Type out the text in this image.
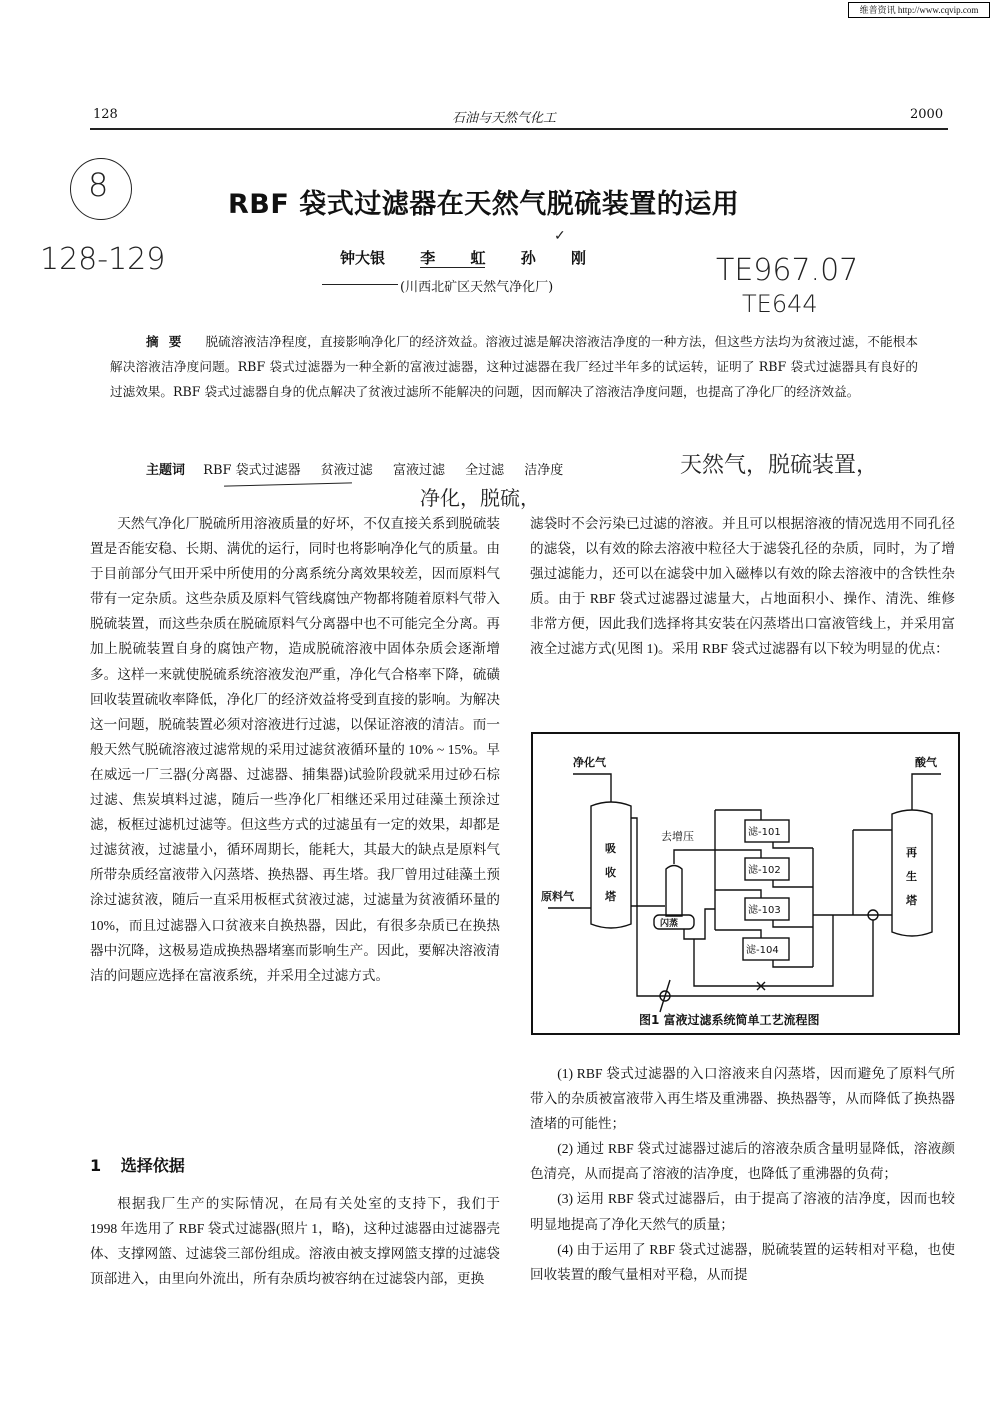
维普资讯 http://www.cqvip.com
128	石油与天然气化工	2000
8
128-129	TE967.07
TE644
✓
RBF 袋式过滤器在天然气脱硫装置的运用
钟大银 李 虹 孙 刚
(川西北矿区天然气净化厂)
摘要 脱硫溶液洁净程度，直接影响净化厂的经济效益。溶液过滤是解决溶液洁净度的一种方法，但这些方法均为贫液过滤，不能根本解决溶液洁净度问题。RBF 袋式过滤器为一种全新的富液过滤器，这种过滤器在我厂经过半年多的试运转，证明了 RBF 袋式过滤器具有良好的过滤效果。RBF 袋式过滤器自身的优点解决了贫液过滤所不能解决的问题，因而解决了溶液洁净度问题，也提高了净化厂的经济效益。
主题词 RBF 袋式过滤器 贫液过滤 富液过滤 全过滤 洁净度	天然气，脱硫装置，
净化，脱硫，

天然气净化厂脱硫所用溶液质量的好坏，不仅直接关系到脱硫装置是否能安稳、长期、满优的运行，同时也将影响净化气的质量。由于目前部分气田开采中所使用的分离系统分离效果较差，因而原料气带有一定杂质。这些杂质及原料气管线腐蚀产物都将随着原料气带入脱硫装置，而这些杂质在脱硫原料气分离器中也不可能完全分离。再加上脱硫装置自身的腐蚀产物，造成脱硫溶液中固体杂质会逐渐增多。这样一来就使脱硫系统溶液发泡严重，净化气合格率下降，硫磺回收装置硫收率降低，净化厂的经济效益将受到直接的影响。为解决这一问题，脱硫装置必须对溶液进行过滤，以保证溶液的清洁。而一般天然气脱硫溶液过滤常规的采用过滤贫液循环量的 10% ~ 15%。早在威远一厂三器(分离器、过滤器、捕集器)试验阶段就采用过砂石棕过滤、焦炭填料过滤，随后一些净化厂相继还采用过硅藻土预涂过滤，板框过滤机过滤等。但这些方式的过滤虽有一定的效果，却都是过滤贫液，过滤量小，循环周期长，能耗大，其最大的缺点是原料气所带杂质经富液带入闪蒸塔、换热器、再生塔。我厂曾用过硅藻土预涂过滤贫液，随后一直采用板框式贫液过滤，过滤量为贫液循环量的 10%，而且过滤器入口贫液来自换热器，因此，有很多杂质已在换热器中沉降，这极易造成换热器堵塞而影响生产。因此，要解决溶液清洁的问题应选择在富液系统，并采用全过滤方式。

1 选择依据

根据我厂生产的实际情况，在局有关处室的支持下，我们于 1998 年选用了 RBF 袋式过滤器(照片 1，略)，这种过滤器由过滤器壳体、支撑网篮、过滤袋三部份组成。溶液由被支撑网篮支撑的过滤袋顶部进入，由里向外流出，所有杂质均被容纳在过滤袋内部，更换

滤袋时不会污染已过滤的溶液。并且可以根据溶液的情况选用不同孔径的滤袋，以有效的除去溶液中粒径大于滤袋孔径的杂质，同时，为了增强过滤能力，还可以在滤袋中加入磁棒以有效的除去溶液中的含铁性杂质。由于 RBF 袋式过滤器过滤量大，占地面积小、操作、清洗、维修非常方便，因此我们选择将其安装在闪蒸塔出口富液管线上，并采用富液全过滤方式(见图 1)。采用 RBF 袋式过滤器有以下较为明显的优点：

净化气	酸气
原料气
吸
收
塔
再
生
塔
去增压
闪蒸
滤-101
滤-102
滤-103
滤-104
图1 富液过滤系统简单工艺流程图

(1) RBF 袋式过滤器的入口溶液来自闪蒸塔，因而避免了原料气所带入的杂质被富液带入再生塔及重沸器、换热器等，从而降低了换热器渣堵的可能性；

(2) 通过 RBF 袋式过滤器过滤后的溶液杂质含量明显降低，溶液颜色清亮，从而提高了溶液的洁净度，也降低了重沸器的负荷；

(3) 运用 RBF 袋式过滤器后，由于提高了溶液的洁净度，因而也较明显地提高了净化天然气的质量；

(4) 由于运用了 RBF 袋式过滤器，脱硫装置的运转相对平稳，也使回收装置的酸气量相对平稳，从而提
